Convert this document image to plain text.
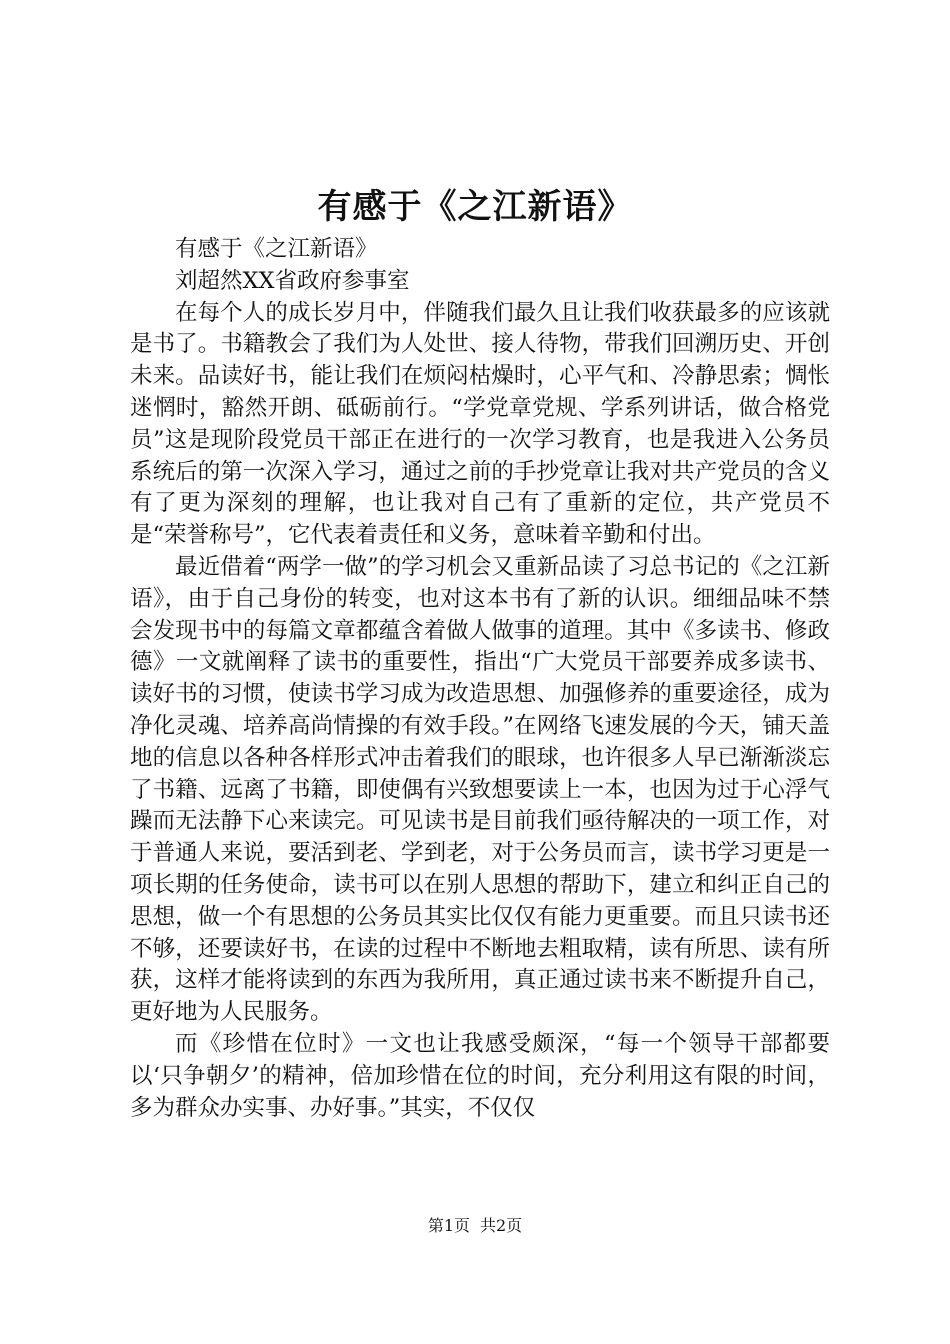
有感于《之江新语》

有感于《之江新语》

刘超然XX省政府参事室

在每个人的成长岁月中，伴随我们最久且让我们收获最多的应该就是书了。书籍教会了我们为人处世、接人待物，带我们回溯历史、开创未来。品读好书，能让我们在烦闷枯燥时，心平气和、冷静思索；惆怅迷惘时，豁然开朗、砥砺前行。“学党章党规、学系列讲话，做合格党员”这是现阶段党员干部正在进行的一次学习教育，也是我进入公务员系统后的第一次深入学习，通过之前的手抄党章让我对共产党员的含义有了更为深刻的理解，也让我对自己有了重新的定位，共产党员不是“荣誉称号”，它代表着责任和义务，意味着辛勤和付出。

最近借着“两学一做”的学习机会又重新品读了习总书记的《之江新语》，由于自己身份的转变，也对这本书有了新的认识。细细品味不禁会发现书中的每篇文章都蕴含着做人做事的道理。其中《多读书、修政德》一文就阐释了读书的重要性，指出“广大党员干部要养成多读书、读好书的习惯，使读书学习成为改造思想、加强修养的重要途径，成为净化灵魂、培养高尚情操的有效手段。”在网络飞速发展的今天，铺天盖地的信息以各种各样形式冲击着我们的眼球，也许很多人早已渐渐淡忘了书籍、远离了书籍，即使偶有兴致想要读上一本，也因为过于心浮气躁而无法静下心来读完。可见读书是目前我们亟待解决的一项工作，对于普通人来说，要活到老、学到老，对于公务员而言，读书学习更是一项长期的任务使命，读书可以在别人思想的帮助下，建立和纠正自己的思想，做一个有思想的公务员其实比仅仅有能力更重要。而且只读书还不够，还要读好书，在读的过程中不断地去粗取精，读有所思、读有所获，这样才能将读到的东西为我所用，真正通过读书来不断提升自己，更好地为人民服务。

而《珍惜在位时》一文也让我感受颇深，“每一个领导干部都要以‘只争朝夕’的精神，倍加珍惜在位的时间，充分利用这有限的时间，多为群众办实事、办好事。”其实，不仅仅

第1页 共2页
